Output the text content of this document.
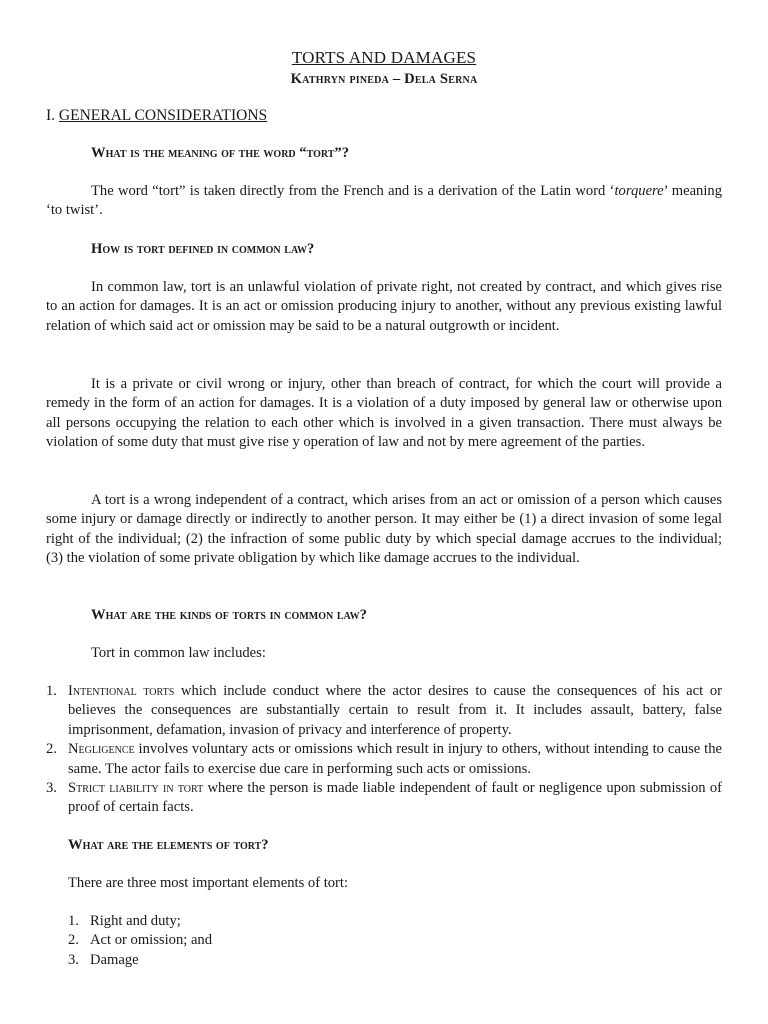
TORTS AND DAMAGES
Kathryn pineda – Dela Serna
I. GENERAL CONSIDERATIONS
What is the meaning of the word “tort”?

The word “tort” is taken directly from the French and is a derivation of the Latin word ‘torquere’ meaning ‘to twist’.

How is tort defined in common law?

In common law, tort is an unlawful violation of private right, not created by contract, and which gives rise to an action for damages. It is an act or omission producing injury to another, without any previous existing lawful relation of which said act or omission may be said to be a natural outgrowth or incident.

It is a private or civil wrong or injury, other than breach of contract, for which the court will provide a remedy in the form of an action for damages. It is a violation of a duty imposed by general law or otherwise upon all persons occupying the relation to each other which is involved in a given transaction. There must always be violation of some duty that must give rise y operation of law and not by mere agreement of the parties.

A tort is a wrong independent of a contract, which arises from an act or omission of a person which causes some injury or damage directly or indirectly to another person. It may either be (1) a direct invasion of some legal right of the individual; (2) the infraction of some public duty by which special damage accrues to the individual; (3) the violation of some private obligation by which like damage accrues to the individual.

What are the kinds of torts in common law?
Tort in common law includes:
1. Intentional torts which include conduct where the actor desires to cause the consequences of his act or believes the consequences are substantially certain to result from it. It includes assault, battery, false imprisonment, defamation, invasion of privacy and interference of property.
2. Negligence involves voluntary acts or omissions which result in injury to others, without intending to cause the same. The actor fails to exercise due care in performing such acts or omissions.
3. Strict liability in tort where the person is made liable independent of fault or negligence upon submission of proof of certain facts.
What are the elements of tort?
There are three most important elements of tort:
1. Right and duty;
2. Act or omission; and
3. Damage
